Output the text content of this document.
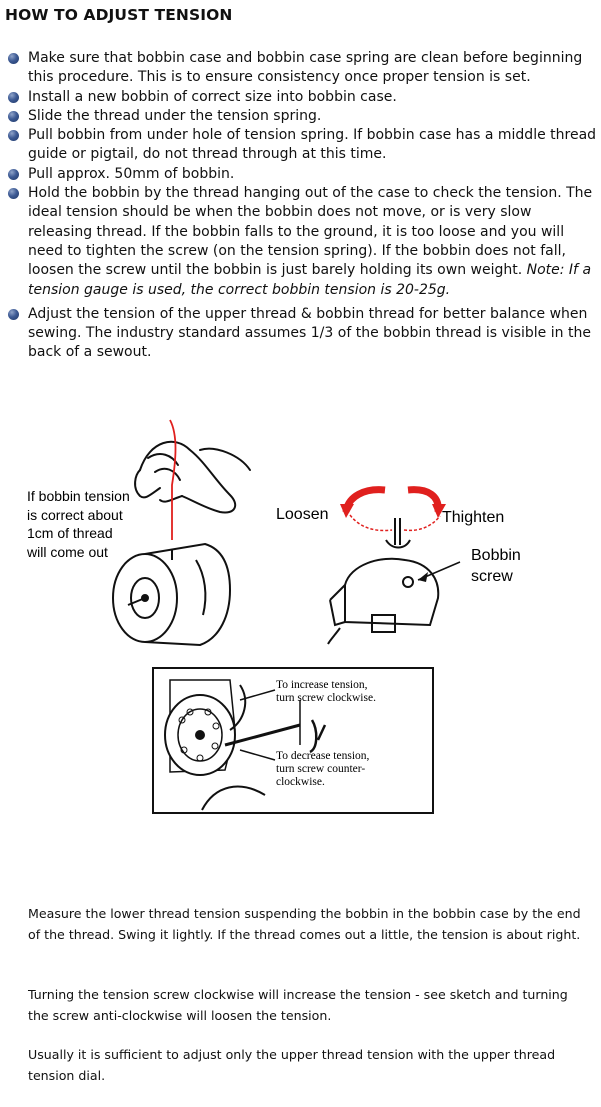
HOW TO ADJUST TENSION
Make sure that bobbin case and bobbin case spring are clean before beginning this procedure. This is to ensure consistency once proper tension is set.
Install a new bobbin of correct size into bobbin case.
Slide the thread under the tension spring.
Pull bobbin from under hole of tension spring. If bobbin case has a middle thread guide or pigtail, do not thread through at this time.
Pull approx. 50mm of bobbin.
Hold the bobbin by the thread hanging out of the case to check the tension. The ideal tension should be when the bobbin does not move, or is very slow releasing thread. If the bobbin falls to the ground, it is too loose and you will need to tighten the screw (on the tension spring). If the bobbin does not fall, loosen the screw until the bobbin is just barely holding its own weight. Note: If a tension gauge is used, the correct bobbin tension is 20-25g.
Adjust the tension of the upper thread & bobbin thread for better balance when sewing. The industry standard assumes 1/3 of the bobbin thread is visible in the back of a sewout.
If bobbin tension
is correct about
1cm of thread
will come out
Loosen	Thighten
Bobbin
screw
To increase tension,
turn screw clockwise.
To decrease tension,
turn screw counter-
clockwise.
Measure the lower thread tension suspending the bobbin in the bobbin case by the end of the thread. Swing it lightly. If the thread comes out a little, the tension is about right.
Turning the tension screw clockwise will increase the tension - see sketch and turning the screw anti-clockwise will loosen the tension.
Usually it is sufficient to adjust only the upper thread tension with the upper thread tension dial.
